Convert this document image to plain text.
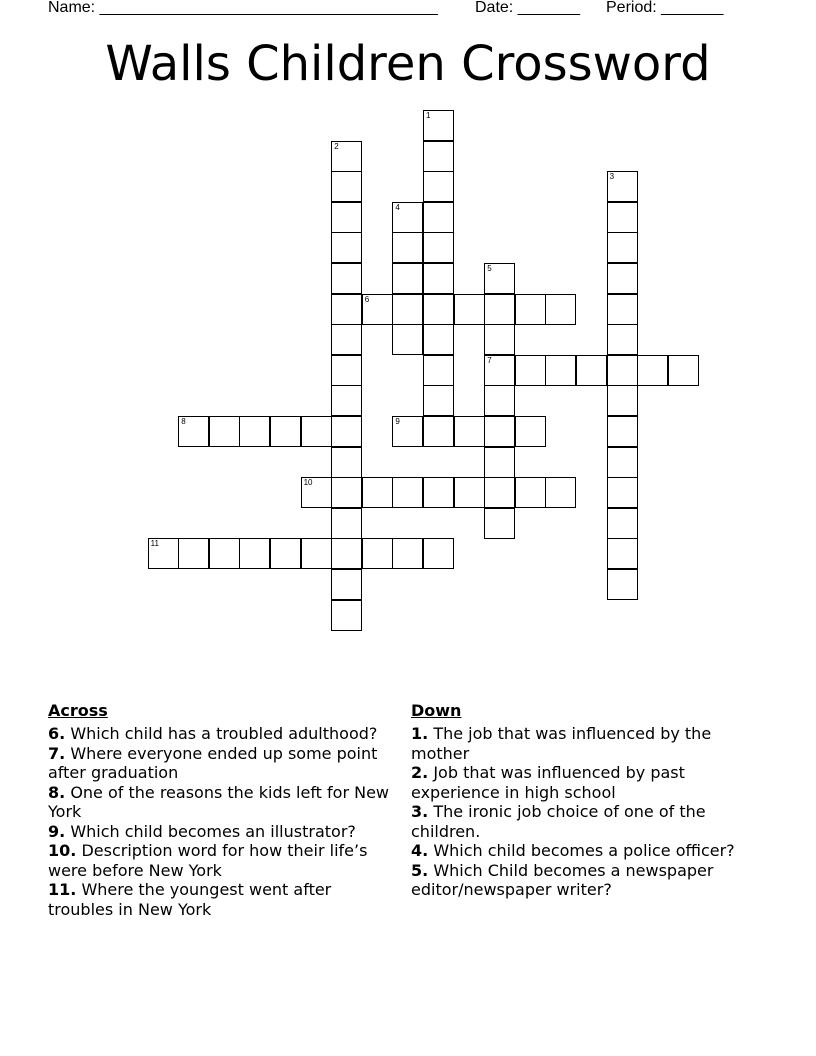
Name: ______________________________________ Date: _______ Period: _______
Walls Children Crossword
1
2
3
4
5
7
6
8	9
10
11
Across
6. Which child has a troubled adulthood?
7. Where everyone ended up some point after graduation
8. One of the reasons the kids left for New York
9. Which child becomes an illustrator?
10. Description word for how their life’s were before New York
11. Where the youngest went after troubles in New York
Down
1. The job that was influenced by the mother
2. Job that was influenced by past experience in high school
3. The ironic job choice of one of the children.
4. Which child becomes a police officer?
5. Which Child becomes a newspaper editor/newspaper writer?
